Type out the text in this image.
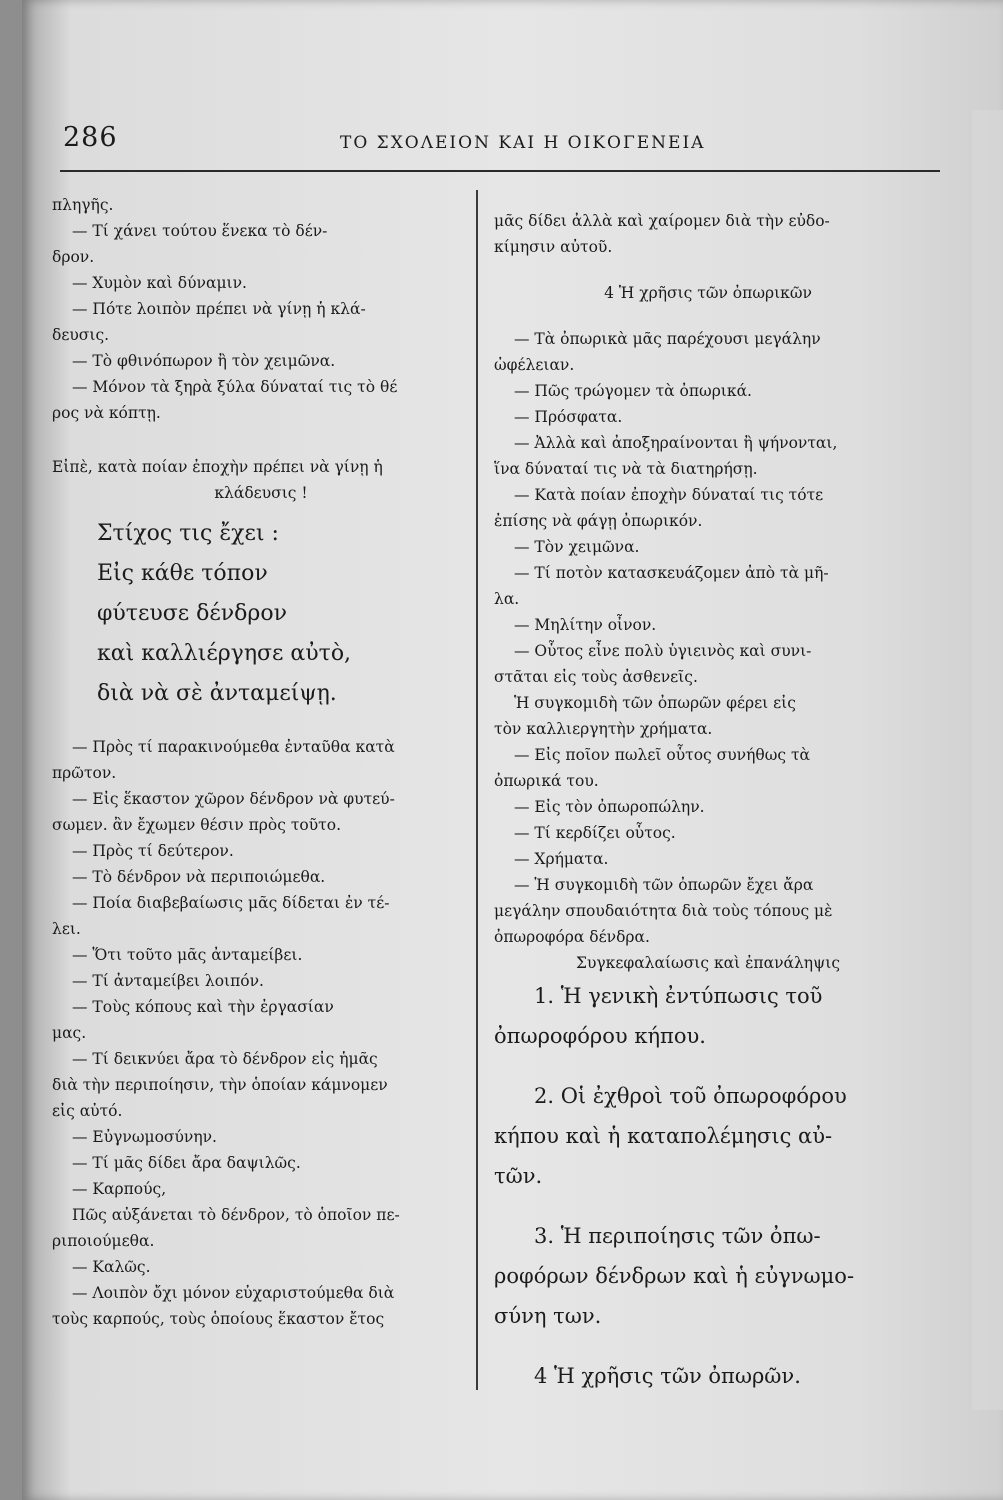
286	ΤΟ ΣΧΟΛΕΙΟΝ ΚΑΙ Η ΟΙΚΟΓΕΝΕΙΑ

πληγῆς.

— Τί χάνει τούτου ἕνεκα τὸ δέν-

δρον.

— Χυμὸν καὶ δύναμιν.

— Πότε λοιπὸν πρέπει νὰ γίνῃ ἡ κλά-

δευσις.

— Τὸ φθινόπωρον ἢ τὸν χειμῶνα.

— Μόνον τὰ ξηρὰ ξύλα δύναταί τις τὸ θέ

ρος νὰ κόπτῃ.

Εἰπὲ, κατὰ ποίαν ἐποχὴν πρέπει νὰ γίνῃ ἡ

κλάδευσις !

Στίχος τις ἔχει :

Εἰς κάθε τόπον

φύτευσε δένδρον

καὶ καλλιέργησε αὐτὸ,

διὰ νὰ σὲ ἀνταμείψῃ.

— Πρὸς τί παρακινούμεθα ἐνταῦθα κατὰ

πρῶτον.

— Εἰς ἕκαστον χῶρον δένδρον νὰ φυτεύ-

σωμεν. ἂν ἔχωμεν θέσιν πρὸς τοῦτο.

— Πρὸς τί δεύτερον.

— Τὸ δένδρον νὰ περιποιώμεθα.

— Ποία διαβεβαίωσις μᾶς δίδεται ἐν τέ-

λει.

— Ὅτι τοῦτο μᾶς ἀνταμείβει.

— Τί ἀνταμείβει λοιπόν.

— Τοὺς κόπους καὶ τὴν ἐργασίαν

μας.

— Τί δεικνύει ἄρα τὸ δένδρον εἰς ἡμᾶς

διὰ τὴν περιποίησιν, τὴν ὁποίαν κάμνομεν

εἰς αὐτό.

— Εὐγνωμοσύνην.

— Τί μᾶς δίδει ἄρα δαψιλῶς.

— Καρπούς,

Πῶς αὐξάνεται τὸ δένδρον, τὸ ὁποῖον πε-

ριποιούμεθα.

— Καλῶς.

— Λοιπὸν ὄχι μόνον εὐχαριστούμεθα διὰ

τοὺς καρπούς, τοὺς ὁποίους ἕκαστον ἔτος

μᾶς δίδει ἀλλὰ καὶ χαίρομεν διὰ τὴν εὐδο-

κίμησιν αὐτοῦ.

4 Ἡ χρῆσις τῶν ὀπωρικῶν

— Τὰ ὀπωρικὰ μᾶς παρέχουσι μεγάλην

ὠφέλειαν.

— Πῶς τρώγομεν τὰ ὀπωρικά.

— Πρόσφατα.

— Ἀλλὰ καὶ ἀποξηραίνονται ἢ ψήνονται,

ἵνα δύναταί τις νὰ τὰ διατηρήσῃ.

— Κατὰ ποίαν ἐποχὴν δύναταί τις τότε

ἐπίσης νὰ φάγῃ ὀπωρικόν.

— Τὸν χειμῶνα.

— Τί ποτὸν κατασκευάζομεν ἀπὸ τὰ μῆ-

λα.

— Μηλίτην οἶνον.

— Οὗτος εἶνε πολὺ ὑγιεινὸς καὶ συνι-

στᾶται εἰς τοὺς ἀσθενεῖς.

Ἡ συγκομιδὴ τῶν ὀπωρῶν φέρει εἰς

τὸν καλλιεργητὴν χρήματα.

— Εἰς ποῖον πωλεῖ οὗτος συνήθως τὰ

ὀπωρικά του.

— Εἰς τὸν ὀπωροπώλην.

— Τί κερδίζει οὗτος.

— Χρήματα.

— Ἡ συγκομιδὴ τῶν ὀπωρῶν ἔχει ἄρα

μεγάλην σπουδαιότητα διὰ τοὺς τόπους μὲ

ὀπωροφόρα δένδρα.

Συγκεφαλαίωσις καὶ ἐπανάληψις

1. Ἡ γενικὴ ἐντύπωσις τοῦ

ὀπωροφόρου κήπου.

2. Οἱ ἐχθροὶ τοῦ ὀπωροφόρου

κήπου καὶ ἡ καταπολέμησις αὐ-

τῶν.

3. Ἡ περιποίησις τῶν ὀπω-

ροφόρων δένδρων καὶ ἡ εὐγνωμο-

σύνη των.

4 Ἡ χρῆσις τῶν ὀπωρῶν.
